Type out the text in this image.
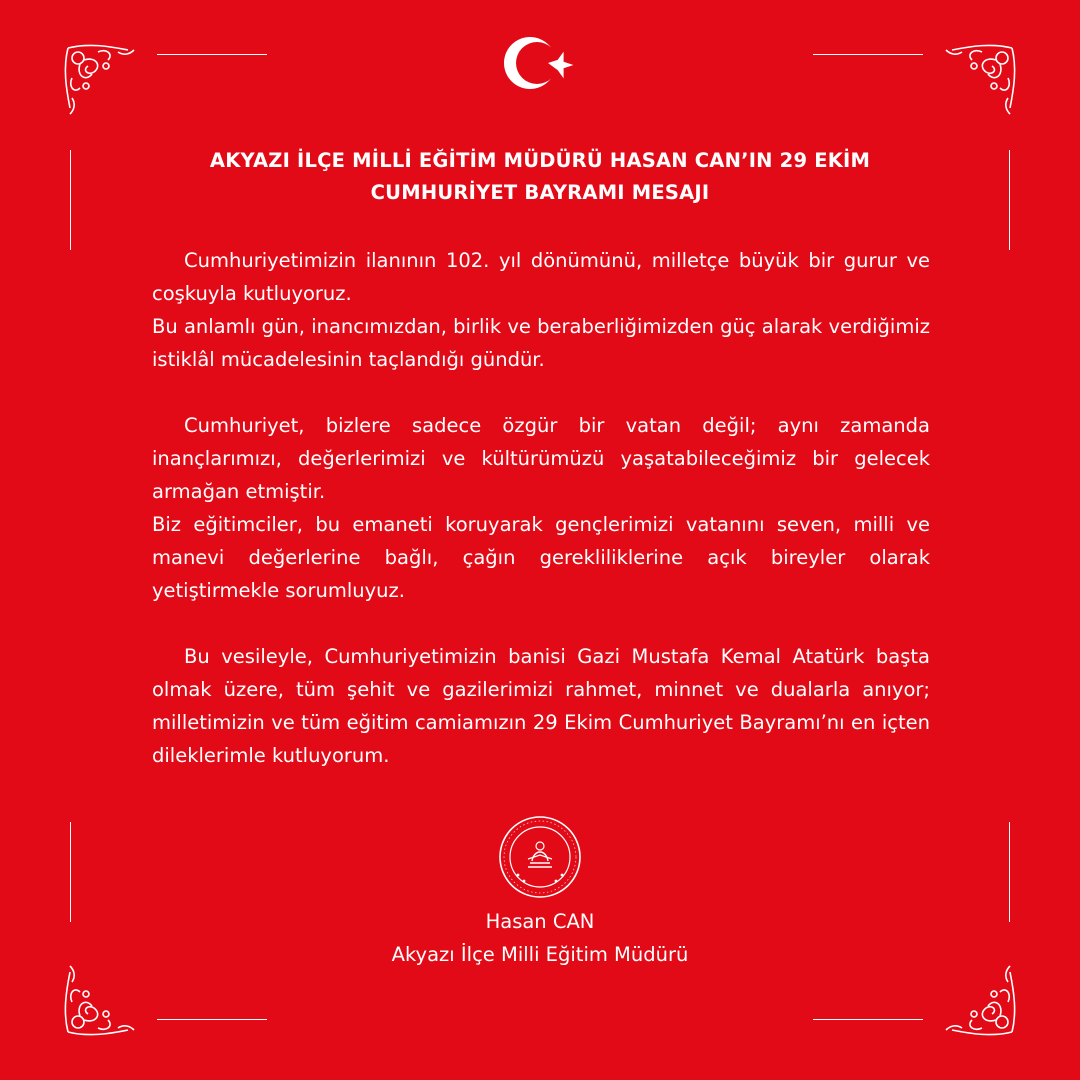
AKYAZI İLÇE MİLLİ EĞİTİM MÜDÜRÜ HASAN CAN’IN 29 EKİM
CUMHURİYET BAYRAMI MESAJI

Cumhuriyetimizin ilanının 102. yıl dönümünü, milletçe büyük bir gurur ve coşkuyla kutluyoruz.

Bu anlamlı gün, inancımızdan, birlik ve beraberliğimizden güç alarak verdiğimiz istiklâl mücadelesinin taçlandığı gündür.

Cumhuriyet, bizlere sadece özgür bir vatan değil; aynı zamanda inançlarımızı, değerlerimizi ve kültürümüzü yaşatabileceğimiz bir gelecek armağan etmiştir.

Biz eğitimciler, bu emaneti koruyarak gençlerimizi vatanını seven, milli ve manevi değerlerine bağlı, çağın gerekliliklerine açık bireyler olarak yetiştirmekle sorumluyuz.

Bu vesileyle, Cumhuriyetimizin banisi Gazi Mustafa Kemal Atatürk başta olmak üzere, tüm şehit ve gazilerimizi rahmet, minnet ve dualarla anıyor; milletimizin ve tüm eğitim camiamızın 29 Ekim Cumhuriyet Bayramı’nı en içten dileklerimle kutluyorum.

Hasan CAN
Akyazı İlçe Milli Eğitim Müdürü
